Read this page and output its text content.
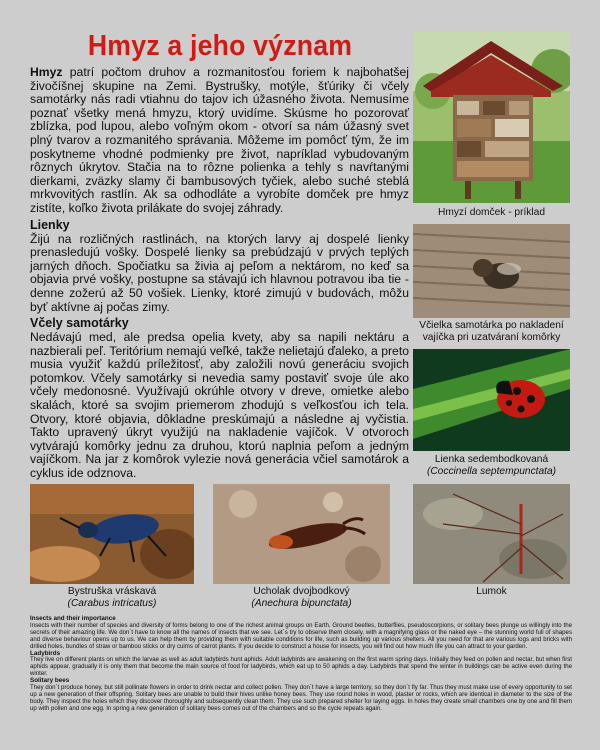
Hmyz a jeho význam

Hmyz patrí počtom druhov a rozmanitosťou foriem k najbohatšej živočíšnej skupine na Zemi. Bystrušky, motýle, šťúriky či včely samotárky nás radi vtiahnu do tajov ich úžasného života. Nemusíme poznať všetky mená hmyzu, ktorý uvidíme. Skúsme ho pozorovať zblízka, pod lupou, alebo voľným okom - otvorí sa nám úžasný svet plný tvarov a rozmanitého správania. Môžeme im pomôcť tým, že im poskytneme vhodné podmienky pre život, napríklad vybudovaným rôznych úkrytov. Stačia na to rôzne polienka a tehly s navŕtanými dierkami, zväzky slamy či bambusových tyčiek, alebo suché steblá mrkvovitých rastlín. Ak sa odhodláte a vyrobíte domček pre hmyz zistíte, koľko života prilákate do svojej záhrady.

Lienky

Žijú na rozličných rastlinách, na ktorých larvy aj dospelé lienky prenasledujú vošky. Dospelé lienky sa prebúdzajú v prvých teplých jarných dňoch. Spočiatku sa živia aj peľom a nektárom, no keď sa objavia prvé vošky, postupne sa stávajú ich hlavnou potravou iba tie - denne zožerú až 50 vošiek. Lienky, ktoré zimujú v budovách, môžu byť aktívne aj počas zimy.

Včely samotárky

Nedávajú med, ale predsa opelia kvety, aby sa napili nektáru a nazbierali peľ. Teritórium nemajú veľké, takže nelietajú ďaleko, a preto musia využiť každú príležitosť, aby založili novú generáciu svojich potomkov. Včely samotárky si nevedia samy postaviť svoje úle ako včely medonosné. Využívajú okrúhle otvory v dreve, omietke alebo skalách, ktoré sa svojim priemerom zhodujú s veľkosťou ich tela. Otvory, ktoré objavia, dôkladne preskúmajú a následne aj vyčistia. Takto upravený úkryt využijú na nakladenie vajíčok. V otvoroch vytvárajú komôrky jednu za druhou, ktorú naplnia peľom a jedným vajíčkom. Na jar z komôrok vylezie nová generácia včiel samotárok a cyklus ide odznova.

Hmyzí domček - príklad
Včielka samotárka po nakladení
vajíčka pri uzatváraní komôrky
Lienka sedembodkovaná
(Coccinella septempunctata)
Bystruška vráskavá
(Carabus intricatus)
Ucholak dvojbodkový
(Anechura bipunctata)
Lumok
Insects and their importance
Insects with their number of species and diversity of forms belong to one of the richest animal groups on Earth. Ground beetles, butterflies, pseudoscorpions, or solitary bees plunge us willingly into the secrets of their amazing life. We don´t have to know all the names of insects that we see. Let´s try to observe them closely, with a magnifying glass or the naked eye – the stunning world full of shapes and diverse behaviour opens up to us. We can help them by providing them with suitable conditions for life, such as building up various shelters. All you need for that are various logs and bricks with drilled holes, bundles of straw or bamboo sticks or dry culms of carrot plants. If you decide to construct a house for insects, you will find out how much life you can attract to your garden.
Ladybirds
They live on different plants on which the larvae as well as adult ladybirds hunt aphids. Adult ladybirds are awakening on the first warm spring days. Initially they feed on pollen and nectar, but when first aphids appear, gradually it is only them that become the main source of food for ladybirds, which eat up to 50 aphids a day. Ladybirds that spend the winter in buildings can be active even during the winter.
Solitary bees
They don´t produce honey, but still pollinate flowers in order to drink nectar and collect pollen. They don´t have a large territory, so they don´t fly far. Thus they must make use of every opportunity to set up a new generation of their offspring. Solitary bees are unable to build their hives unlike honey bees. They use round holes in wood, plaster or rocks, which are identical in diameter to the size of the body. They inspect the holes which they discover thoroughly and subsequently clean them. They use such prepared shelter for laying eggs. In holes they create small chambers one by one and fill them up with pollen and one egg. In spring a new generation of solitary bees comes out of the chambers and so the cycle repeats again.
